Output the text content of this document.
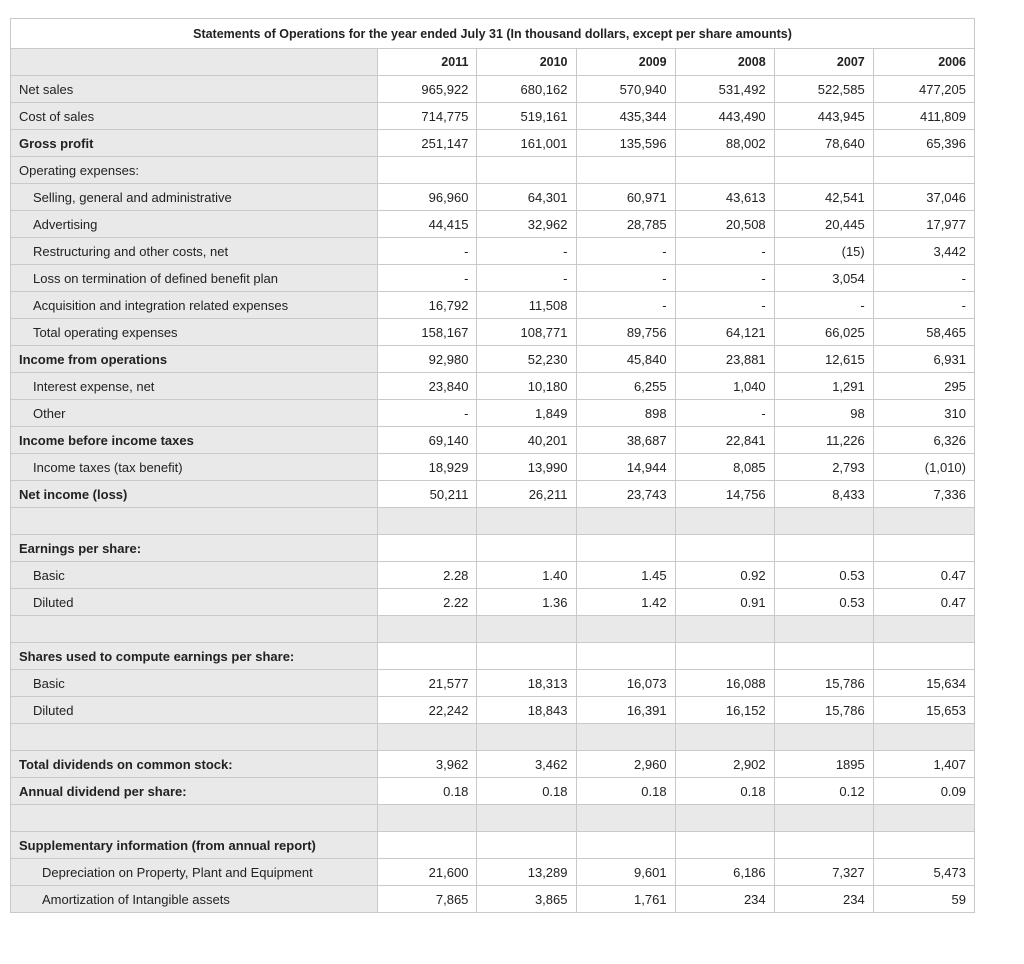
Statements of Operations for the year ended July 31 (In thousand dollars, except per share amounts)						
	2011	2010	2009	2008	2007	2006
Net sales	965,922	680,162	570,940	531,492	522,585	477,205
Cost of sales	714,775	519,161	435,344	443,490	443,945	411,809
Gross profit	251,147	161,001	135,596	88,002	78,640	65,396
Operating expenses:						
Selling, general and administrative	96,960	64,301	60,971	43,613	42,541	37,046
Advertising	44,415	32,962	28,785	20,508	20,445	17,977
Restructuring and other costs, net	-	-	-	-	(15)	3,442
Loss on termination of defined benefit plan	-	-	-	-	3,054	-
Acquisition and integration related expenses	16,792	11,508	-	-	-	-
Total operating expenses	158,167	108,771	89,756	64,121	66,025	58,465
Income from operations	92,980	52,230	45,840	23,881	12,615	6,931
Interest expense, net	23,840	10,180	6,255	1,040	1,291	295
Other	-	1,849	898	-	98	310
Income before income taxes	69,140	40,201	38,687	22,841	11,226	6,326
Income taxes (tax benefit)	18,929	13,990	14,944	8,085	2,793	(1,010)
Net income (loss)	50,211	26,211	23,743	14,756	8,433	7,336

Earnings per share:						
Basic	2.28	1.40	1.45	0.92	0.53	0.47
Diluted	2.22	1.36	1.42	0.91	0.53	0.47

Shares used to compute earnings per share:						
Basic	21,577	18,313	16,073	16,088	15,786	15,634
Diluted	22,242	18,843	16,391	16,152	15,786	15,653

Total dividends on common stock:	3,962	3,462	2,960	2,902	1895	1,407
Annual dividend per share:	0.18	0.18	0.18	0.18	0.12	0.09

Supplementary information (from annual report)						
Depreciation on Property, Plant and Equipment	21,600	13,289	9,601	6,186	7,327	5,473
Amortization of Intangible assets	7,865	3,865	1,761	234	234	59
